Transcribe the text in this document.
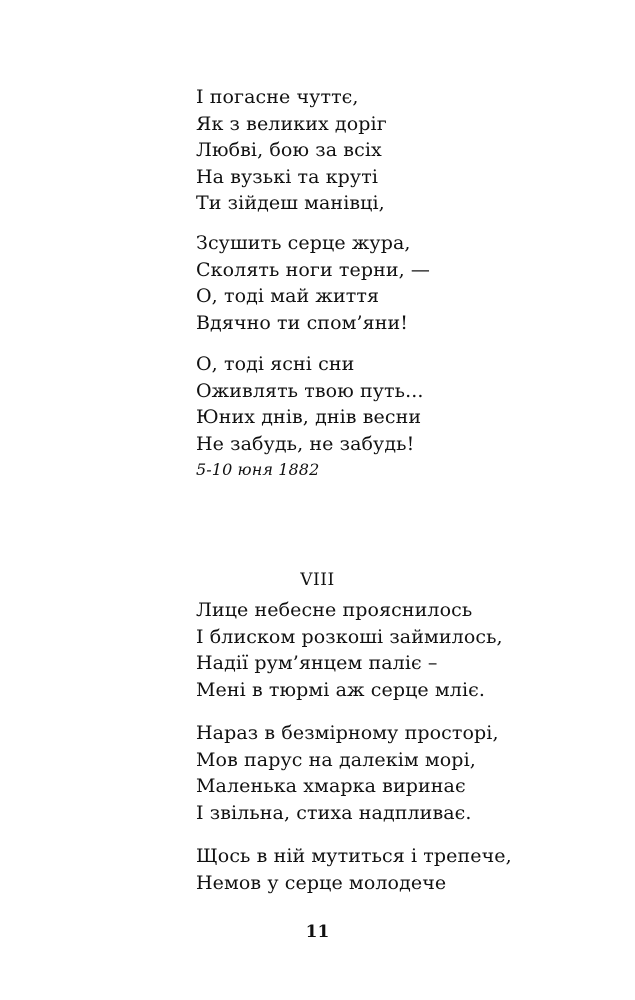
І погасне чуттє,
Як з великих доріг
Любві, бою за всіх
На вузькі та круті
Ти зійдеш манівці,
Зсушить серце жура,
Сколять ноги терни, —
О, тоді май життя
Вдячно ти спом’яни!
О, тоді ясні сни
Оживлять твою путь...
Юних днів, днів весни
Не забудь, не забудь!
5-10 юня 1882
VIII
Лице небесне прояснилось
І блиском розкоші займилось,
Надії рум’янцем паліє –
Мені в тюрмі аж серце мліє.
Нараз в безмірному просторі,
Мов парус на далекім морі,
Маленька хмарка виринає
І звільна, стиха надпливає.
Щось в ній мутиться і трепече,
Немов у серце молодече
11
